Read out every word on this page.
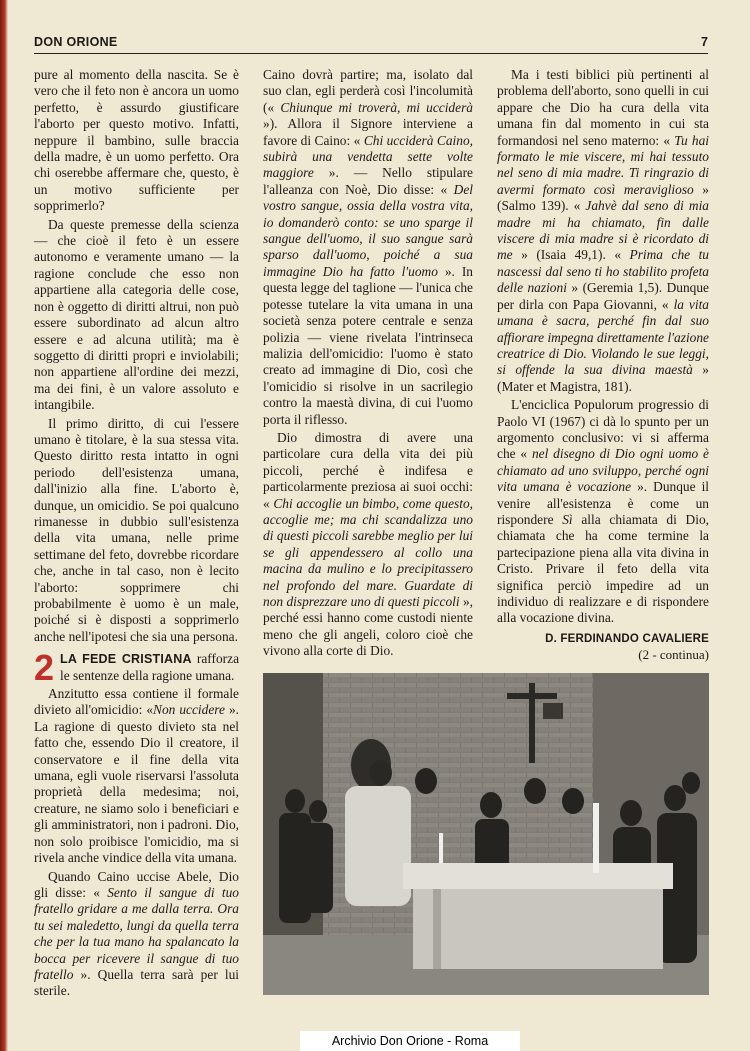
DON ORIONE	7

pure al momento della nascita. Se è vero che il feto non è ancora un uomo perfetto, è assurdo giustificare l'aborto per questo motivo. Infatti, neppure il bambino, sulle braccia della madre, è un uomo perfetto. Ora chi oserebbe affermare che, questo, è un motivo sufficiente per sopprimerlo?

Da queste premesse della scienza — che cioè il feto è un essere autonomo e veramente umano — la ragione conclude che esso non appartiene alla categoria delle cose, non è oggetto di diritti altrui, non può essere subordinato ad alcun altro essere e ad alcuna utilità; ma è soggetto di diritti propri e inviolabili; non appartiene all'ordine dei mezzi, ma dei fini, è un valore assoluto e intangibile.

Il primo diritto, di cui l'essere umano è titolare, è la sua stessa vita. Questo diritto resta intatto in ogni periodo dell'esistenza umana, dall'inizio alla fine. L'aborto è, dunque, un omicidio. Se poi qualcuno rimanesse in dubbio sull'esistenza della vita umana, nelle prime settimane del feto, dovrebbe ricordare che, anche in tal caso, non è lecito l'aborto: sopprimere chi probabilmente è uomo è un male, poiché si è disposti a sopprimerlo anche nell'ipotesi che sia una persona.

2 LA FEDE CRISTIANA rafforza le sentenze della ragione umana.

Anzitutto essa contiene il formale divieto all'omicidio: «Non uccidere ». La ragione di questo divieto sta nel fatto che, essendo Dio il creatore, il conservatore e il fine della vita umana, egli vuole riservarsi l'assoluta proprietà della medesima; noi, creature, ne siamo solo i beneficiari e gli amministratori, non i padroni. Dio, non solo proibisce l'omicidio, ma si rivela anche vindice della vita umana.

Quando Caino uccise Abele, Dio gli disse: « Sento il sangue di tuo fratello gridare a me dalla terra. Ora tu sei maledetto, lungi da quella terra che per la tua mano ha spalancato la bocca per ricevere il sangue di tuo fratello ». Quella terra sarà per lui sterile.

Caino dovrà partire; ma, isolato dal suo clan, egli perderà così l'incolumità (« Chiunque mi troverà, mi ucciderà »). Allora il Signore interviene a favore di Caino: « Chi ucciderà Caino, subirà una vendetta sette volte maggiore ». — Nello stipulare l'alleanza con Noè, Dio disse: « Del vostro sangue, ossia della vostra vita, io domanderò conto: se uno sparge il sangue dell'uomo, il suo sangue sarà sparso dall'uomo, poiché a sua immagine Dio ha fatto l'uomo ». In questa legge del taglione — l'unica che potesse tutelare la vita umana in una società senza potere centrale e senza polizia — viene rivelata l'intrinseca malizia dell'omicidio: l'uomo è stato creato ad immagine di Dio, così che l'omicidio si risolve in un sacrilegio contro la maestà divina, di cui l'uomo porta il riflesso.

Dio dimostra di avere una particolare cura della vita dei più piccoli, perché è indifesa e particolarmente preziosa ai suoi occhi: « Chi accoglie un bimbo, come questo, accoglie me; ma chi scandalizza uno di questi piccoli sarebbe meglio per lui se gli appendessero al collo una macina da mulino e lo precipitassero nel profondo del mare. Guardate di non disprezzare uno di questi piccoli », perché essi hanno come custodi niente meno che gli angeli, coloro cioè che vivono alla corte di Dio.

Ma i testi biblici più pertinenti al problema dell'aborto, sono quelli in cui appare che Dio ha cura della vita umana fin dal momento in cui sta formandosi nel seno materno: « Tu hai formato le mie viscere, mi hai tessuto nel seno di mia madre. Ti ringrazio di avermi formato così meraviglioso » (Salmo 139). « Jahvè dal seno di mia madre mi ha chiamato, fin dalle viscere di mia madre si è ricordato di me » (Isaia 49,1). « Prima che tu nascessi dal seno ti ho stabilito profeta delle nazioni » (Geremia 1,5). Dunque per dirla con Papa Giovanni, « la vita umana è sacra, perché fin dal suo affiorare impegna direttamente l'azione creatrice di Dio. Violando le sue leggi, si offende la sua divina maestà » (Mater et Magistra, 181).

L'enciclica Populorum progressio di Paolo VI (1967) ci dà lo spunto per un argomento conclusivo: vi si afferma che « nel disegno di Dio ogni uomo è chiamato ad uno sviluppo, perché ogni vita umana è vocazione ». Dunque il venire all'esistenza è come un rispondere Sì alla chiamata di Dio, chiamata che ha come termine la partecipazione piena alla vita divina in Cristo. Privare il feto della vita significa perciò impedire ad un individuo di realizzare e di rispondere alla vocazione divina.

D. FERDINANDO CAVALIERE
(2 - continua)
Archivio Don Orione - Roma
